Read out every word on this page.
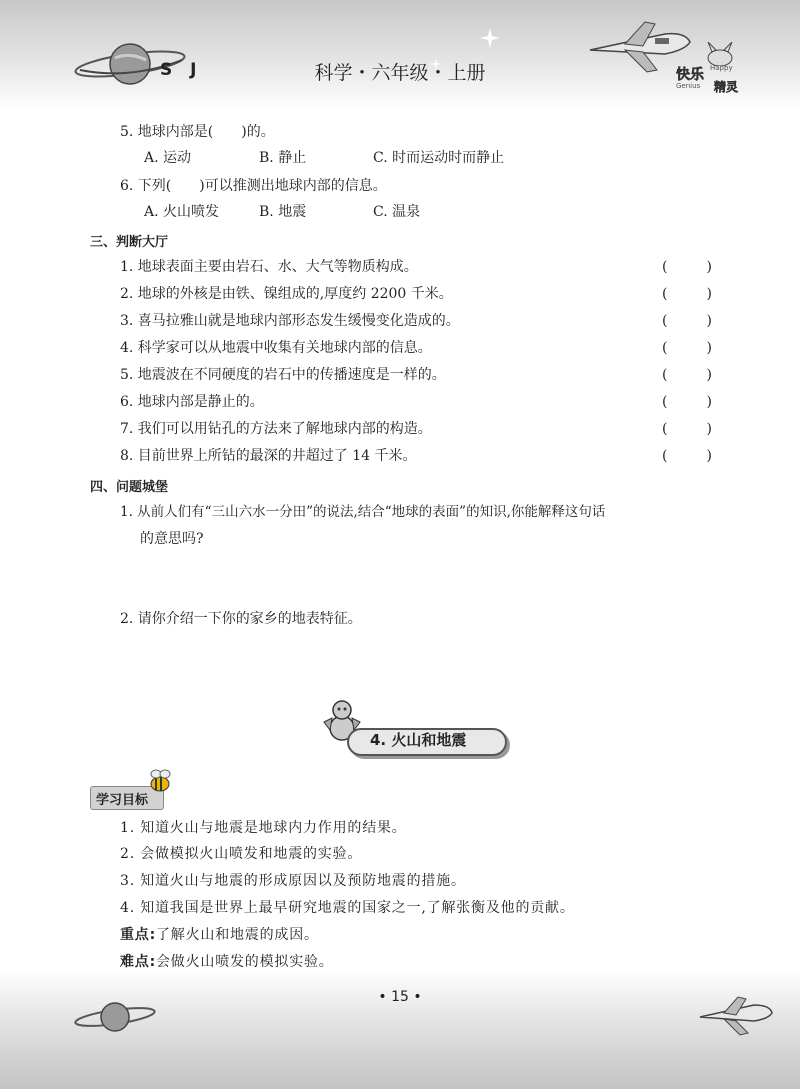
S J	科学・六年级・上册	快乐 Happy
Genius 精灵
5. 地球内部是(　　)的。
A. 运动	B. 静止	C. 时而运动时而静止
6. 下列(　　)可以推测出地球内部的信息。
A. 火山喷发	B. 地震	C. 温泉
三、判断大厅
1. 地球表面主要由岩石、水、大气等物质构成。	(	)
2. 地球的外核是由铁、镍组成的,厚度约 2200 千米。	(	)
3. 喜马拉雅山就是地球内部形态发生缓慢变化造成的。	(	)
4. 科学家可以从地震中收集有关地球内部的信息。	(	)
5. 地震波在不同硬度的岩石中的传播速度是一样的。	(	)
6. 地球内部是静止的。	(	)
7. 我们可以用钻孔的方法来了解地球内部的构造。	(	)
8. 目前世界上所钻的最深的井超过了 14 千米。	(	)
四、问题城堡
1. 从前人们有“三山六水一分田”的说法,结合“地球的表面”的知识,你能解释这句话
的意思吗?
2. 请你介绍一下你的家乡的地表特征。
4. 火山和地震
学习目标
1. 知道火山与地震是地球内力作用的结果。
2. 会做模拟火山喷发和地震的实验。
3. 知道火山与地震的形成原因以及预防地震的措施。
4. 知道我国是世界上最早研究地震的国家之一,了解张衡及他的贡献。
重点:了解火山和地震的成因。
难点:会做火山喷发的模拟实验。
• 15 •
